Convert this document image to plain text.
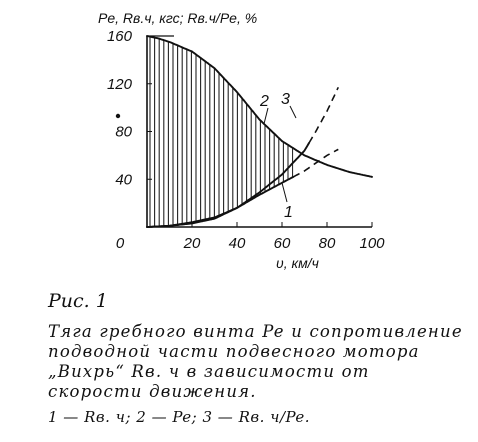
Pe, Rв.ч, кгс; Rв.ч/Pe, %
0	20 40 60 80 100
160
120
80
40
υ, км/ч
2 3
1
Рис. 1
Тяга гребного винта Pe и сопротивление подводной части подвесного мотора „Вихрь“ Rв. ч в зависимости от скорости движения.
1 — Rв. ч; 2 — Pe; 3 — Rв. ч/Pe.
